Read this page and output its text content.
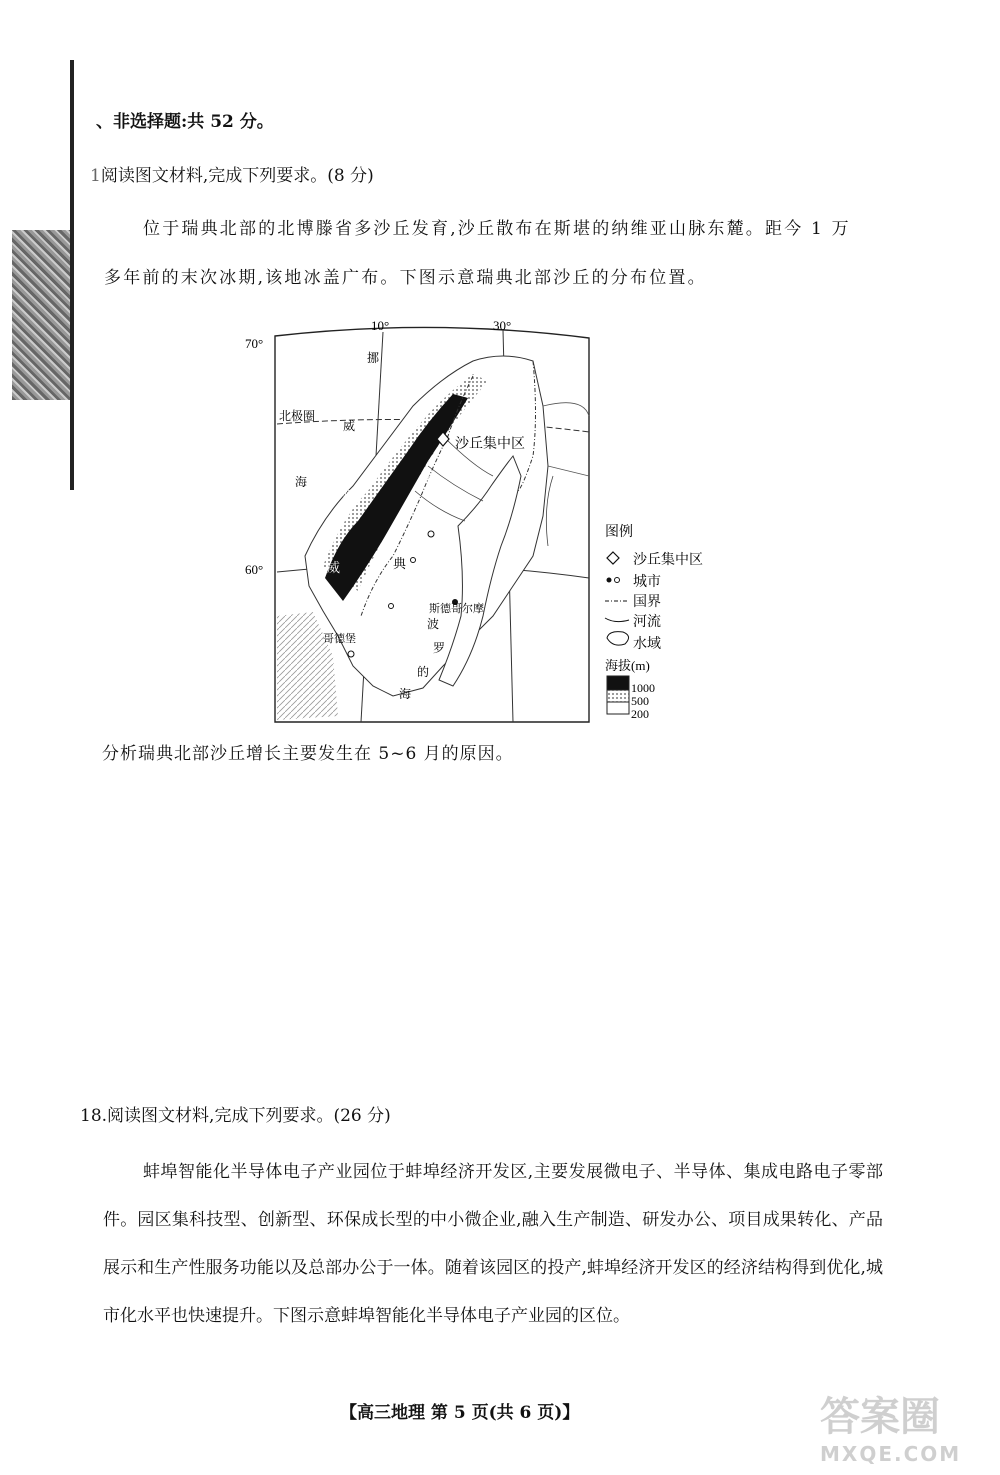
、非选择题:共 52 分。
1阅读图文材料,完成下列要求。(8 分)
位于瑞典北部的北博滕省多沙丘发育,沙丘散布在斯堪的纳维亚山脉东麓。距今 1 万
多年前的末次冰期,该地冰盖广布。下图示意瑞典北部沙丘的分布位置。
10°	30°
70°
60°
北极圈
海
挪
威
挪
威
瑞
典
沙丘集中区
斯德哥尔摩
哥德堡
波
罗
的
海
图例
沙丘集中区
城市
国界
河流
水域
海拔(m)
1000
500
200
分析瑞典北部沙丘增长主要发生在 5~6 月的原因。
18.阅读图文材料,完成下列要求。(26 分)
蚌埠智能化半导体电子产业园位于蚌埠经济开发区,主要发展微电子、半导体、集成电路电子零部件。园区集科技型、创新型、环保成长型的中小微企业,融入生产制造、研发办公、项目成果转化、产品展示和生产性服务功能以及总部办公于一体。随着该园区的投产,蚌埠经济开发区的经济结构得到优化,城市化水平也快速提升。下图示意蚌埠智能化半导体电子产业园的区位。
【高三地理 第 5 页(共 6 页)】	答案圈
MXQE.COM
